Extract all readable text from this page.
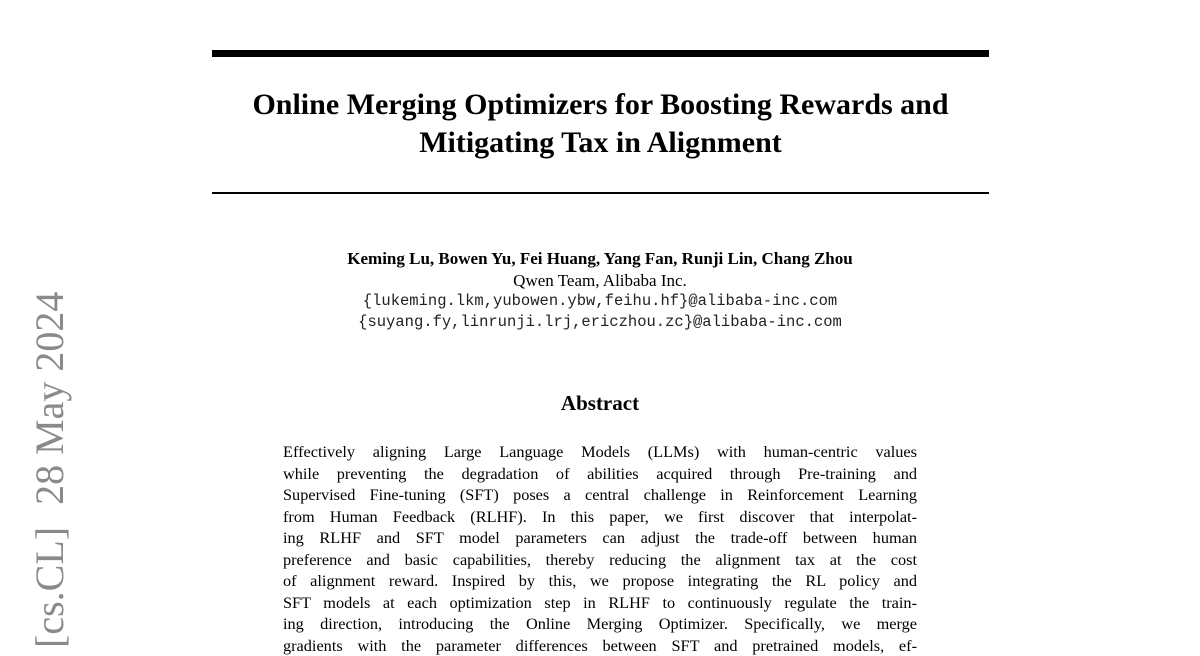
Online Merging Optimizers for Boosting Rewards and
Mitigating Tax in Alignment
Keming Lu, Bowen Yu, Fei Huang, Yang Fan, Runji Lin, Chang Zhou
Qwen Team, Alibaba Inc.
{lukeming.lkm,yubowen.ybw,feihu.hf}@alibaba-inc.com
{suyang.fy,linrunji.lrj,ericzhou.zc}@alibaba-inc.com
Abstract
Effectively aligning Large Language Models (LLMs) with human-centric values
while preventing the degradation of abilities acquired through Pre-training and
Supervised Fine-tuning (SFT) poses a central challenge in Reinforcement Learning
from Human Feedback (RLHF). In this paper, we first discover that interpolat-
ing RLHF and SFT model parameters can adjust the trade-off between human
preference and basic capabilities, thereby reducing the alignment tax at the cost
of alignment reward. Inspired by this, we propose integrating the RL policy and
SFT models at each optimization step in RLHF to continuously regulate the train-
ing direction, introducing the Online Merging Optimizer. Specifically, we merge
gradients with the parameter differences between SFT and pretrained models, ef-
[cs.CL]28 May 2024
